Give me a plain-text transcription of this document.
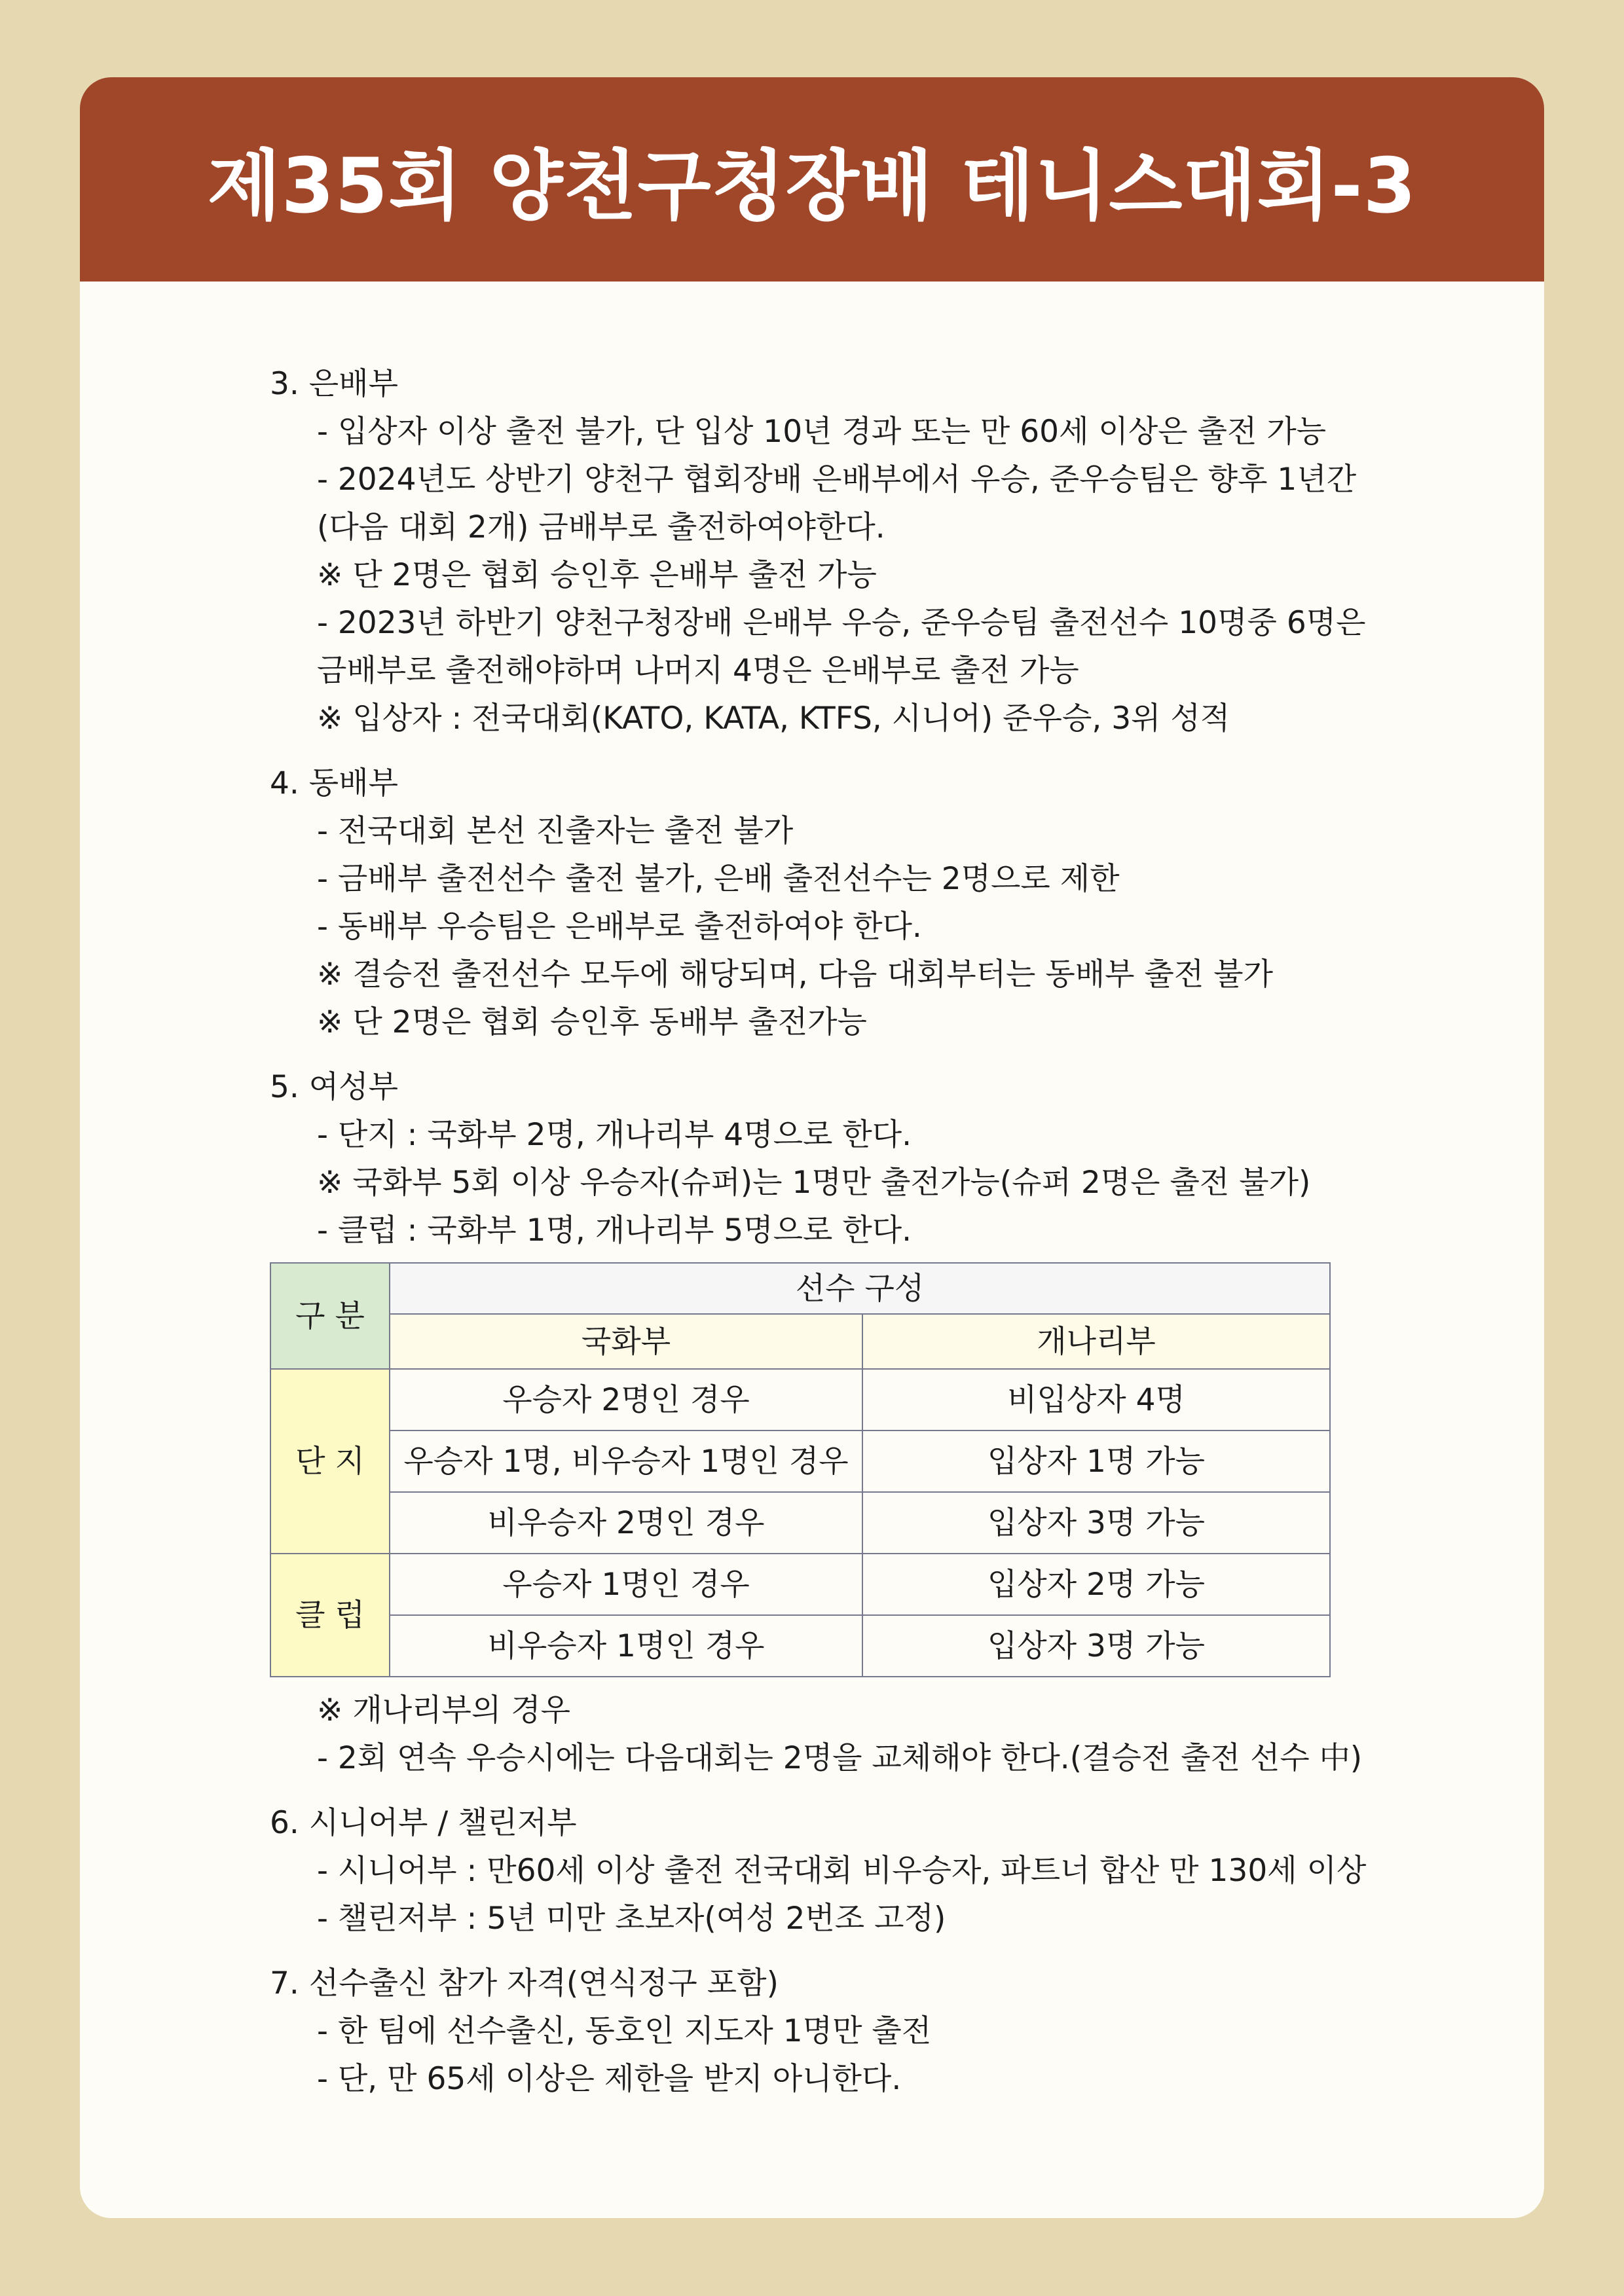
제35회 양천구청장배 테니스대회-3

3. 은배부

- 입상자 이상 출전 불가, 단 입상 10년 경과 또는 만 60세 이상은 출전 가능

- 2024년도 상반기 양천구 협회장배 은배부에서 우승, 준우승팀은 향후 1년간

(다음 대회 2개) 금배부로 출전하여야한다.

※ 단 2명은 협회 승인후 은배부 출전 가능

- 2023년 하반기 양천구청장배 은배부 우승, 준우승팀 출전선수 10명중 6명은

금배부로 출전해야하며 나머지 4명은 은배부로 출전 가능

※ 입상자 : 전국대회(KATO, KATA, KTFS, 시니어) 준우승, 3위 성적

4. 동배부

- 전국대회 본선 진출자는 출전 불가

- 금배부 출전선수 출전 불가, 은배 출전선수는 2명으로 제한

- 동배부 우승팀은 은배부로 출전하여야 한다.

※ 결승전 출전선수 모두에 해당되며, 다음 대회부터는 동배부 출전 불가

※ 단 2명은 협회 승인후 동배부 출전가능

5. 여성부

- 단지 : 국화부 2명, 개나리부 4명으로 한다.

※ 국화부 5회 이상 우승자(슈퍼)는 1명만 출전가능(슈퍼 2명은 출전 불가)

- 클럽 : 국화부 1명, 개나리부 5명으로 한다.

구 분	선수 구성	
	국화부	개나리부
단 지	우승자 2명인 경우	비입상자 4명
	우승자 1명, 비우승자 1명인 경우	입상자 1명 가능
	비우승자 2명인 경우	입상자 3명 가능
클 럽	우승자 1명인 경우	입상자 2명 가능
	비우승자 1명인 경우	입상자 3명 가능

※ 개나리부의 경우

- 2회 연속 우승시에는 다음대회는 2명을 교체해야 한다.(결승전 출전 선수 中)

6. 시니어부 / 챌린저부

- 시니어부 : 만60세 이상 출전 전국대회 비우승자, 파트너 합산 만 130세 이상

- 챌린저부 : 5년 미만 초보자(여성 2번조 고정)

7. 선수출신 참가 자격(연식정구 포함)

- 한 팀에 선수출신, 동호인 지도자 1명만 출전

- 단, 만 65세 이상은 제한을 받지 아니한다.
